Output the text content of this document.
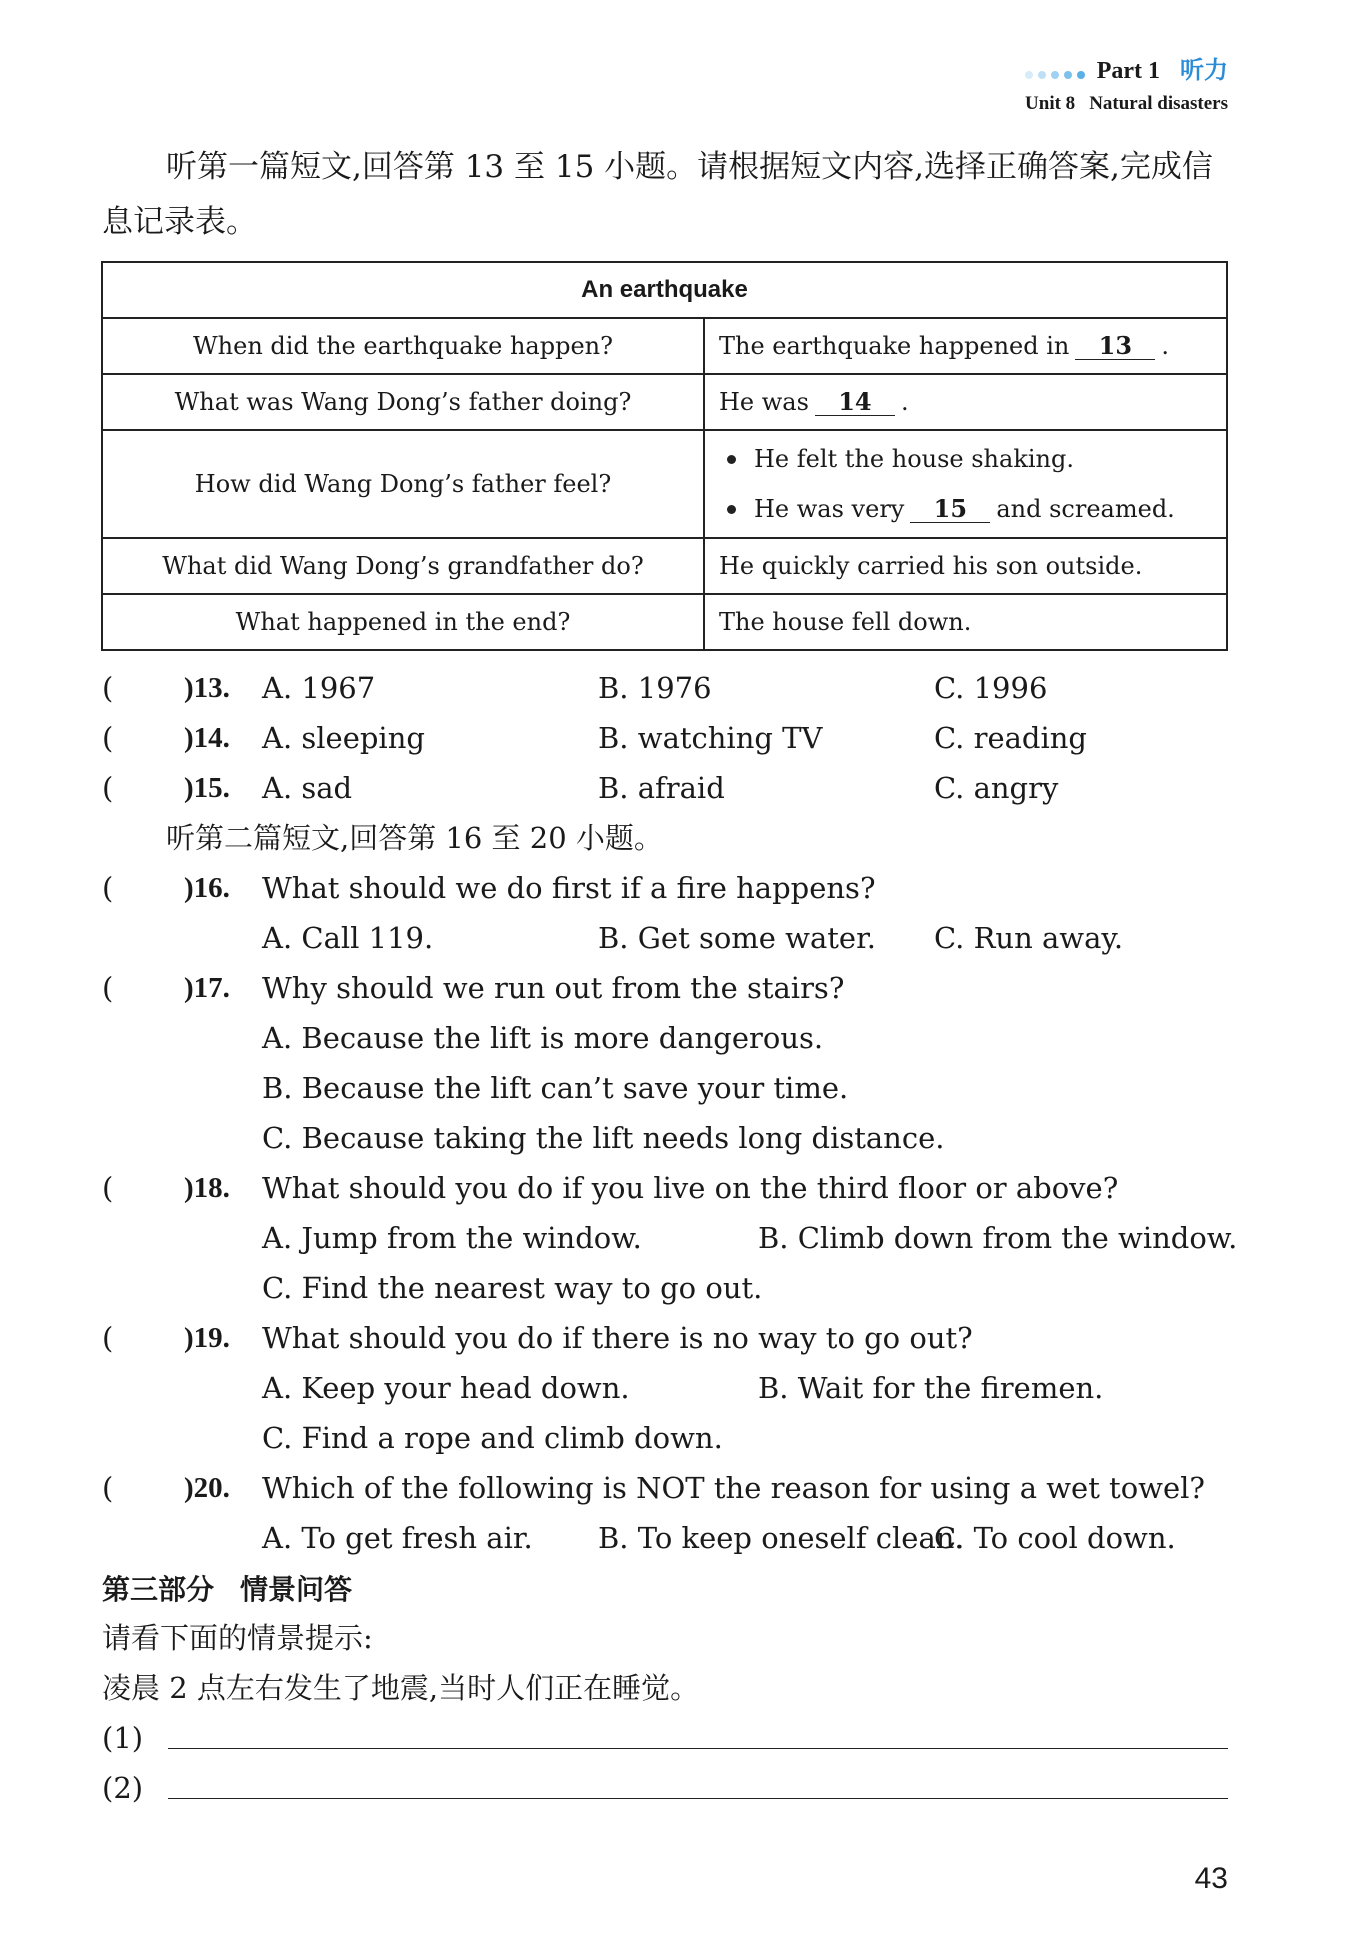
Part 1 听力
Unit 8 Natural disasters
听第一篇短文,回答第 13 至 15 小题。请根据短文内容,选择正确答案,完成信息记录表。
An earthquake	
When did the earthquake happen?	The earthquake happened in 13 .
What was Wang Dong’s father doing?	He was 14 .
How did Wang Dong’s father feel?	He felt the house shaking.
He was very 15 and screamed.

What did Wang Dong’s grandfather do?	He quickly carried his son outside.
What happened in the end?	The house fell down.
( )13. A. 1967	B. 1976	C. 1996
( )14. A. sleeping	B. watching TV	C. reading
( )15. A. sad	B. afraid	C. angry
听第二篇短文,回答第 16 至 20 小题。
( )16. What should we do first if a fire happens?
A. Call 119.	B. Get some water. C. Run away.
( )17. Why should we run out from the stairs?
A. Because the lift is more dangerous.
B. Because the lift can’t save your time.
C. Because taking the lift needs long distance.
( )18. What should you do if you live on the third floor or above?
A. Jump from the window.	B. Climb down from the window.
C. Find the nearest way to go out.
( )19. What should you do if there is no way to go out?
A. Keep your head down.	B. Wait for the firemen.
C. Find a rope and climb down.
( )20. Which of the following is NOT the reason for using a wet towel?
A. To get fresh air. B. To keep oneself clean.
C. To cool down.
第三部分 情景问答
请看下面的情景提示:
凌晨 2 点左右发生了地震,当时人们正在睡觉。
(1)
(2)
43
